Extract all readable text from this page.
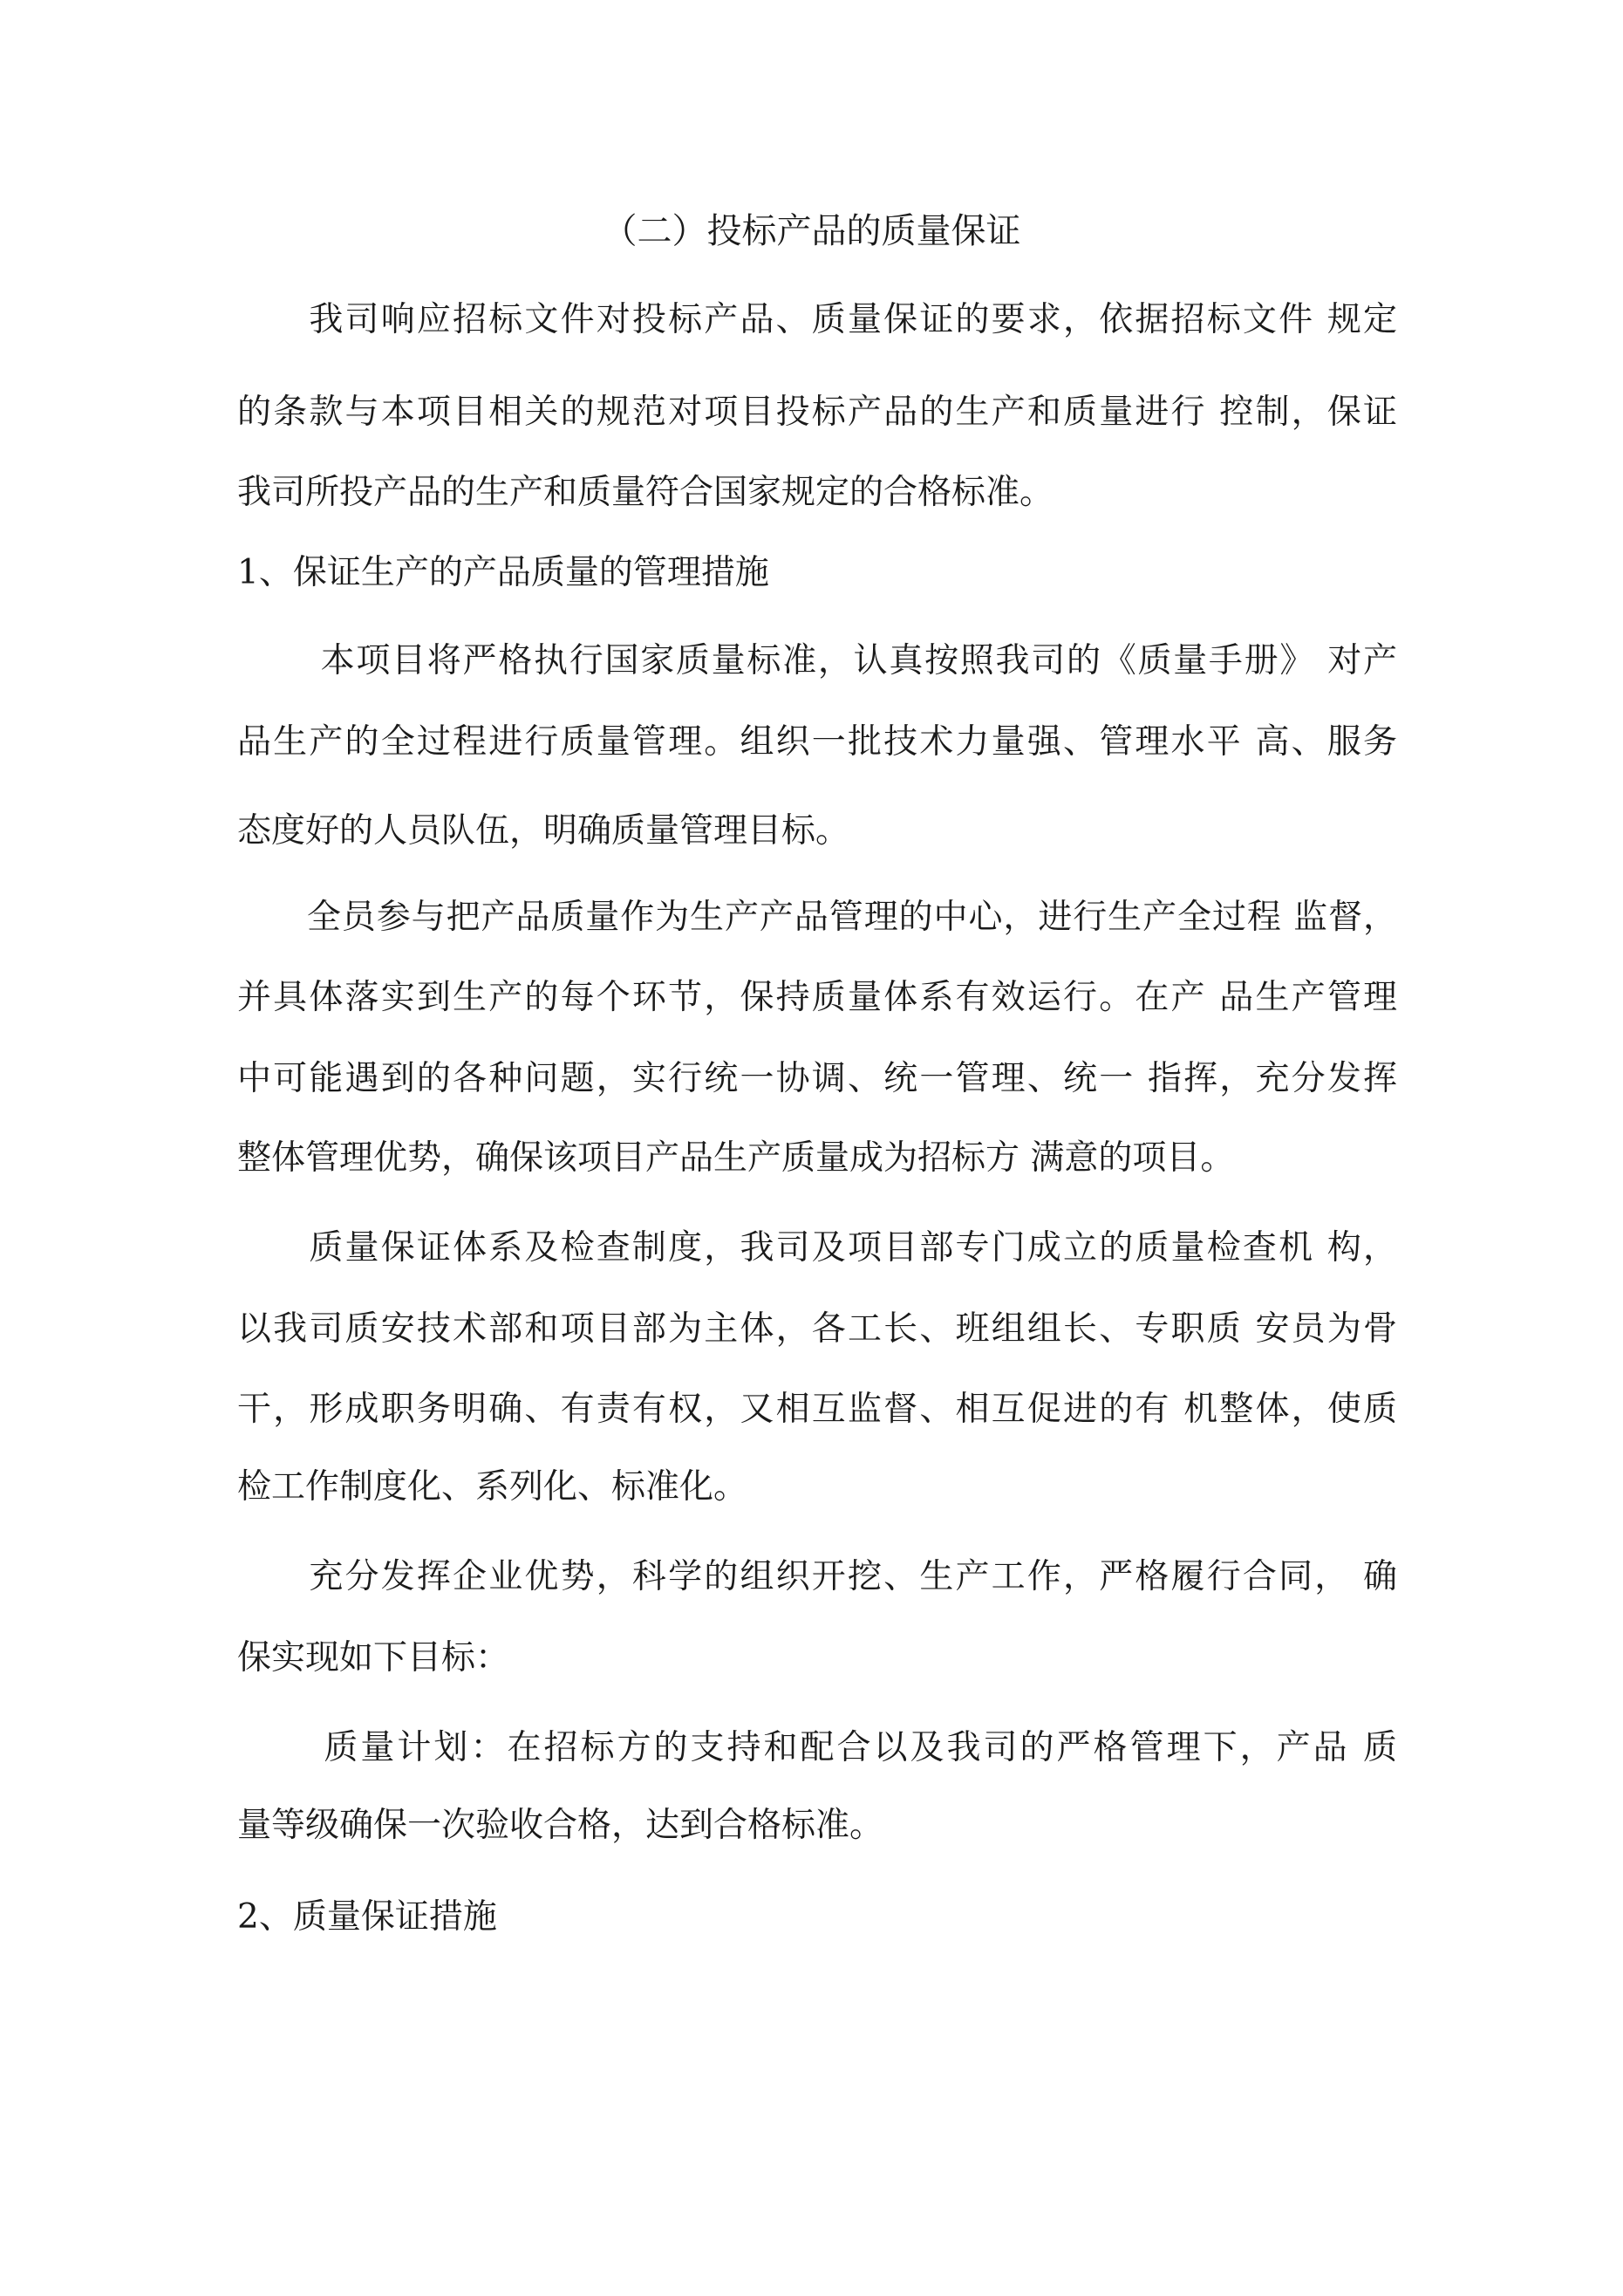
（二）投标产品的质量保证
　　我司响应招标文件对投标产品、质量保证的要求，依据招标文件 规定
的条款与本项目相关的规范对项目投标产品的生产和质量进行 控制，保证
我司所投产品的生产和质量符合国家规定的合格标准。
1、保证生产的产品质量的管理措施
　　 本项目将严格执行国家质量标准，认真按照我司的《质量手册》 对产
品生产的全过程进行质量管理。组织一批技术力量强、管理水平 高、服务
态度好的人员队伍，明确质量管理目标。
　　全员参与把产品质量作为生产产品管理的中心，进行生产全过程 监督，
并具体落实到生产的每个环节，保持质量体系有效运行。在产 品生产管理
中可能遇到的各种问题，实行统一协调、统一管理、统一 指挥，充分发挥
整体管理优势，确保该项目产品生产质量成为招标方 满意的项目。
　　质量保证体系及检查制度，我司及项目部专门成立的质量检查机 构，
以我司质安技术部和项目部为主体，各工长、班组组长、专职质 安员为骨
干，形成职务明确、有责有权，又相互监督、相互促进的有 机整体，使质
检工作制度化、系列化、标准化。
　　充分发挥企业优势，科学的组织开挖、生产工作，严格履行合同， 确
保实现如下目标：
　　 质量计划：在招标方的支持和配合以及我司的严格管理下，产品 质
量等级确保一次验收合格，达到合格标准。
2、质量保证措施
